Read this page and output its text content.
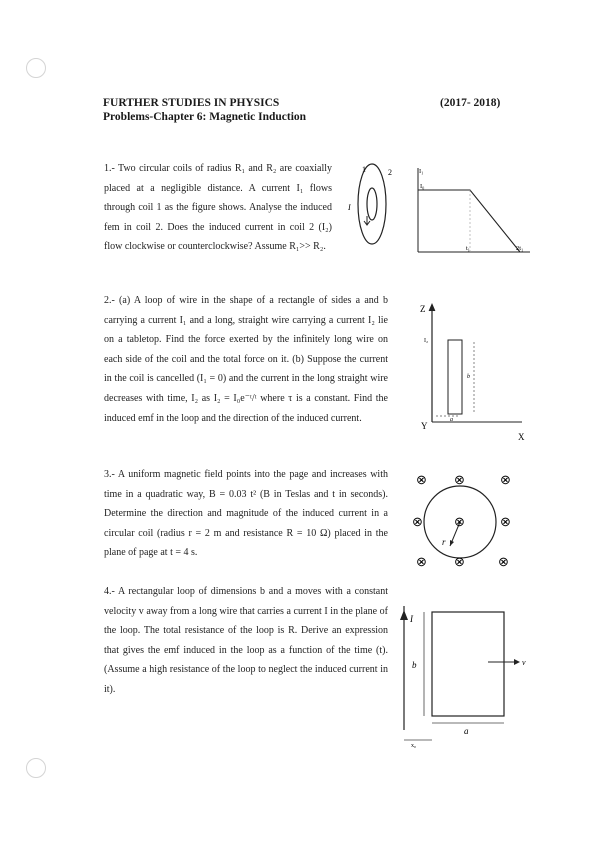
FURTHER STUDIES IN PHYSICS
Problems-Chapter 6: Magnetic Induction
(2017- 2018)
1.- Two circular coils of radius R₁ and R₂ are coaxially placed at a negligible distance. A current I₁ flows through coil 1 as the figure shows. Analyse the induced fem in coil 2. Does the induced current in coil 2 (I₂) flow clockwise or counterclockwise? Assume R₁>> R₂.
1	2
I
I₁
I₀
t₁	2t₁
2.- (a) A loop of wire in the shape of a rectangle of sides a and b carrying a current I₁ and a long, straight wire carrying a current I₂ lie on a tabletop. Find the force exerted by the infinitely long wire on each side of the coil and the total force on it. (b) Suppose the current in the coil is cancelled (I₁ = 0) and the current in the long straight wire decreases with time, I₂ as I₂ = I₀e⁻ᵗ/ᵗ where τ is a constant. Find the induced emf in the loop and the direction of the induced current.
Z
I₂
b
a
Y
X
3.- A uniform magnetic field points into the page and increases with time in a quadratic way, B = 0.03 t² (B in Teslas and t in seconds). Determine the direction and magnitude of the induced current in a circular coil (radius r = 2 m and resistance R = 10 Ω) placed in the plane of page at t = 4 s.
r
⊗ ⊗	⊗
⊗ ⊗	⊗
⊗ ⊗	⊗
4.- A rectangular loop of dimensions b and a moves with a constant velocity v away from a long wire that carries a current I in the plane of the loop. The total resistance of the loop is R. Derive an expression that gives the emf induced in the loop as a function of the time (t). (Assume a high resistance of the loop to neglect the induced current in it).
I
b	v
a
x₀
